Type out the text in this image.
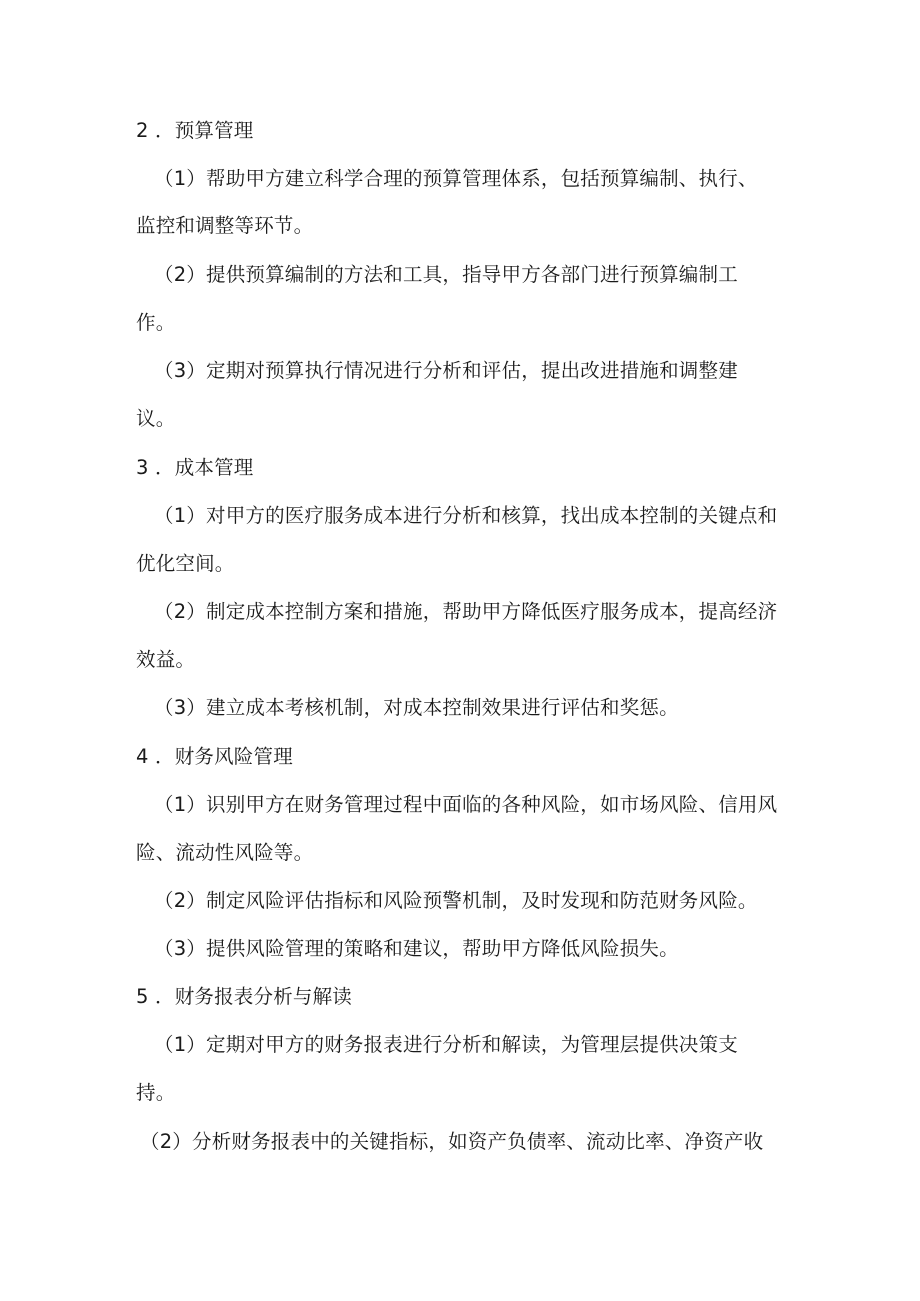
2 ．预算管理
（1）帮助甲方建立科学合理的预算管理体系，包括预算编制、执行、
监控和调整等环节。
（2）提供预算编制的方法和工具，指导甲方各部门进行预算编制工
作。
（3）定期对预算执行情况进行分析和评估，提出改进措施和调整建
议。
3 ．成本管理
（1）对甲方的医疗服务成本进行分析和核算，找出成本控制的关键点和
优化空间。
（2）制定成本控制方案和措施，帮助甲方降低医疗服务成本，提高经济
效益。
（3）建立成本考核机制，对成本控制效果进行评估和奖惩。
4 ．财务风险管理
（1）识别甲方在财务管理过程中面临的各种风险，如市场风险、信用风
险、流动性风险等。
（2）制定风险评估指标和风险预警机制，及时发现和防范财务风险。
（3）提供风险管理的策略和建议，帮助甲方降低风险损失。
5 ．财务报表分析与解读
（1）定期对甲方的财务报表进行分析和解读，为管理层提供决策支
持。
（2）分析财务报表中的关键指标，如资产负债率、流动比率、净资产收
